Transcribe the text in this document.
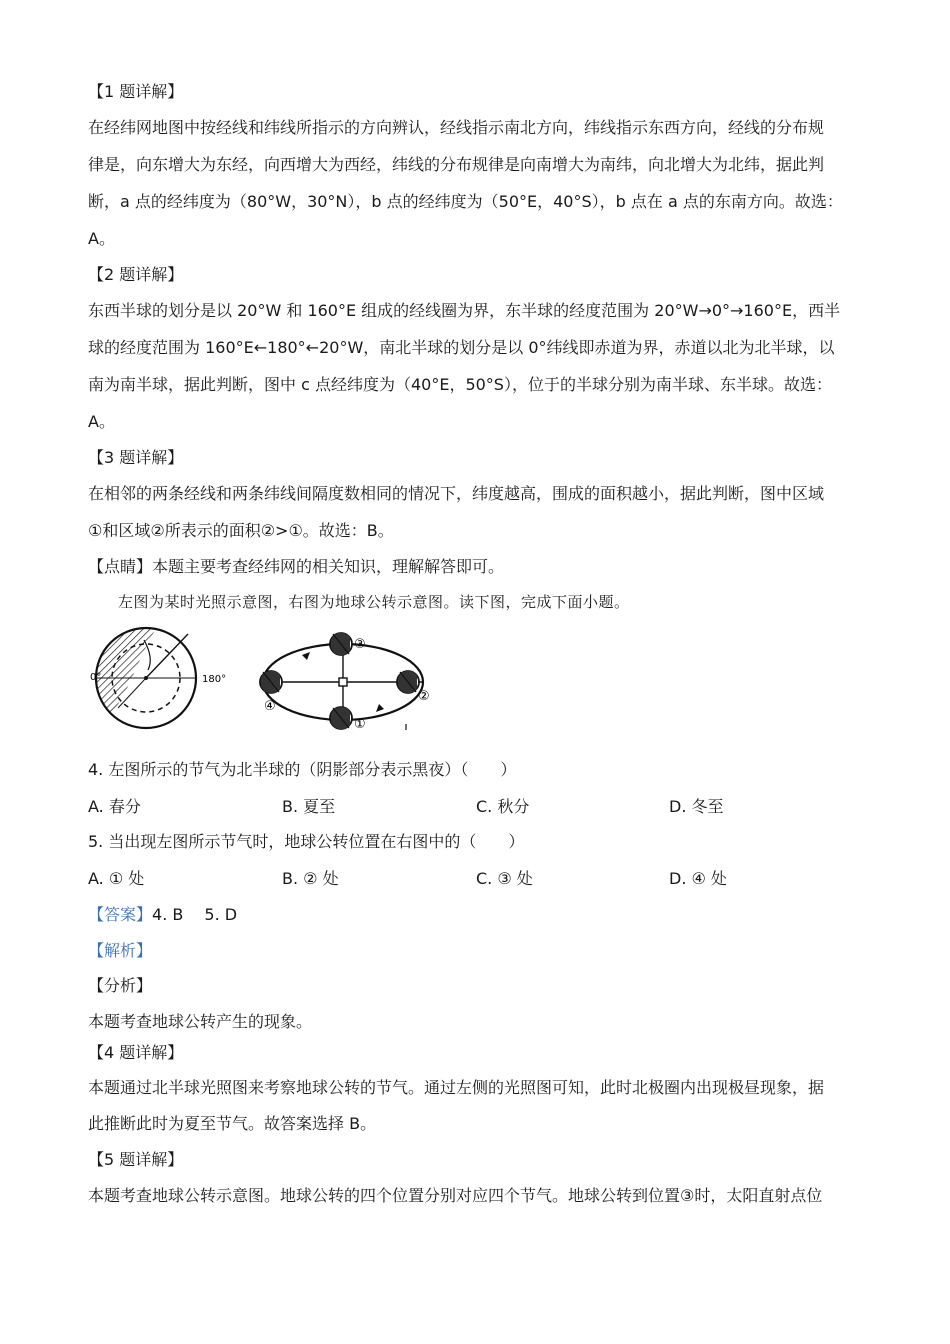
【1 题详解】
在经纬网地图中按经线和纬线所指示的方向辨认，经线指示南北方向，纬线指示东西方向，经线的分布规
律是，向东增大为东经，向西增大为西经，纬线的分布规律是向南增大为南纬，向北增大为北纬，据此判
断，a 点的经纬度为（80°W，30°N），b 点的经纬度为（50°E，40°S），b 点在 a 点的东南方向。故选：
A。
【2 题详解】
东西半球的划分是以 20°W 和 160°E 组成的经线圈为界，东半球的经度范围为 20°W→0°→160°E，西半
球的经度范围为 160°E←180°←20°W，南北半球的划分是以 0°纬线即赤道为界，赤道以北为北半球，以
南为南半球，据此判断，图中 c 点经纬度为（40°E，50°S），位于的半球分别为南半球、东半球。故选：
A。
【3 题详解】
在相邻的两条经线和两条纬线间隔度数相同的情况下，纬度越高，围成的面积越小，据此判断，图中区域
①和区域②所表示的面积②>①。故选：B。
【点睛】本题主要考查经纬网的相关知识，理解解答即可。
左图为某时光照示意图，右图为地球公转示意图。读下图，完成下面小题。
0°	180°
③
②
①
④
4. 左图所示的节气为北半球的（阴影部分表示黑夜）（　　）
A. 春分	B. 夏至	C. 秋分	D. 冬至
5. 当出现左图所示节气时，地球公转位置在右图中的（　　）
A. ① 处	B. ② 处	C. ③ 处	D. ④ 处
【答案】4. B　 5. D
【解析】
【分析】
本题考查地球公转产生的现象。
【4 题详解】
本题通过北半球光照图来考察地球公转的节气。通过左侧的光照图可知，此时北极圈内出现极昼现象，据
此推断此时为夏至节气。故答案选择 B。
【5 题详解】
本题考查地球公转示意图。地球公转的四个位置分别对应四个节气。地球公转到位置③时，太阳直射点位
